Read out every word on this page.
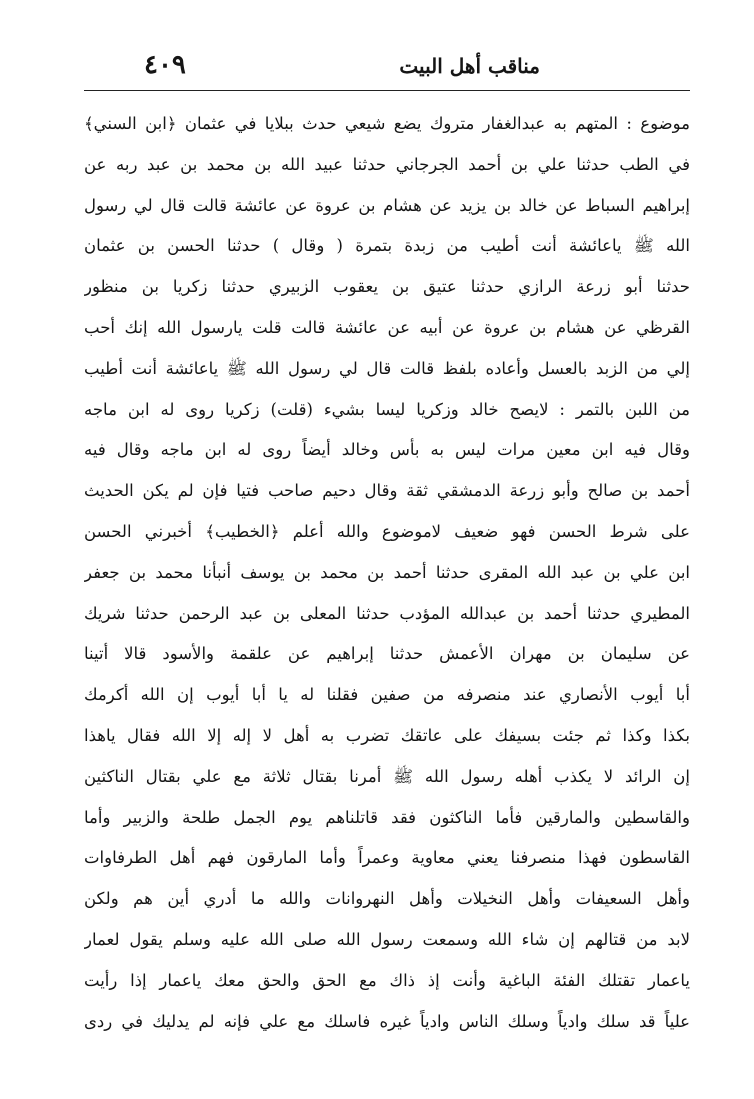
مناقب أهل البيت
٤٠٩
موضوع : المتهم به عبدالغفار متروك يضع شيعي حدث ببلايا في عثمان ﴿ابن السني﴾
في الطب حدثنا علي بن أحمد الجرجاني حدثنا عبيد الله بن محمد بن عبد ربه عن
إبراهيم السباط عن خالد بن يزيد عن هشام بن عروة عن عائشة قالت قال لي رسول
الله ﷺ ياعائشة أنت أطيب من زبدة بتمرة ( وقال ) حدثنا الحسن بن عثمان
حدثنا أبو زرعة الرازي حدثنا عتيق بن يعقوب الزبيري حدثنا زكريا بن منظور
القرظي عن هشام بن عروة عن أبيه عن عائشة قالت قلت يارسول الله إنك أحب
إلي من الزبد بالعسل وأعاده بلفظ قالت قال لي رسول الله ﷺ ياعائشة أنت أطيب
من اللبن بالتمر : لايصح خالد وزكريا ليسا بشيء (قلت) زكريا روى له ابن ماجه
وقال فيه ابن معين مرات ليس به بأس وخالد أيضاً روى له ابن ماجه وقال فيه
أحمد بن صالح وأبو زرعة الدمشقي ثقة وقال دحيم صاحب فتيا فإن لم يكن الحديث
على شرط الحسن فهو ضعيف لاموضوع والله أعلم ﴿الخطيب﴾ أخبرني الحسن
ابن علي بن عبد الله المقرى حدثنا أحمد بن محمد بن يوسف أنبأنا محمد بن جعفر
المطيري حدثنا أحمد بن عبدالله المؤدب حدثنا المعلى بن عبد الرحمن حدثنا شريك
عن سليمان بن مهران الأعمش حدثنا إبراهيم عن علقمة والأسود قالا أتينا
أبا أيوب الأنصاري عند منصرفه من صفين فقلنا له يا أبا أيوب إن الله أكرمك
بكذا وكذا ثم جئت بسيفك على عاتقك تضرب به أهل لا إله إلا الله فقال ياهذا
إن الرائد لا يكذب أهله رسول الله ﷺ أمرنا بقتال ثلاثة مع علي بقتال الناكثين
والقاسطين والمارقين فأما الناكثون فقد قاتلناهم يوم الجمل طلحة والزبير وأما
القاسطون فهذا منصرفنا يعني معاوية وعمراً وأما المارقون فهم أهل الطرفاوات
وأهل السعيفات وأهل النخيلات وأهل النهروانات والله ما أدري أين هم ولكن
لابد من قتالهم إن شاء الله وسمعت رسول الله صلى الله عليه وسلم يقول لعمار
ياعمار تقتلك الفئة الباغية وأنت إذ ذاك مع الحق والحق معك ياعمار إذا رأيت
علياً قد سلك وادياً وسلك الناس وادياً غيره فاسلك مع علي فإنه لم يدليك في ردى
